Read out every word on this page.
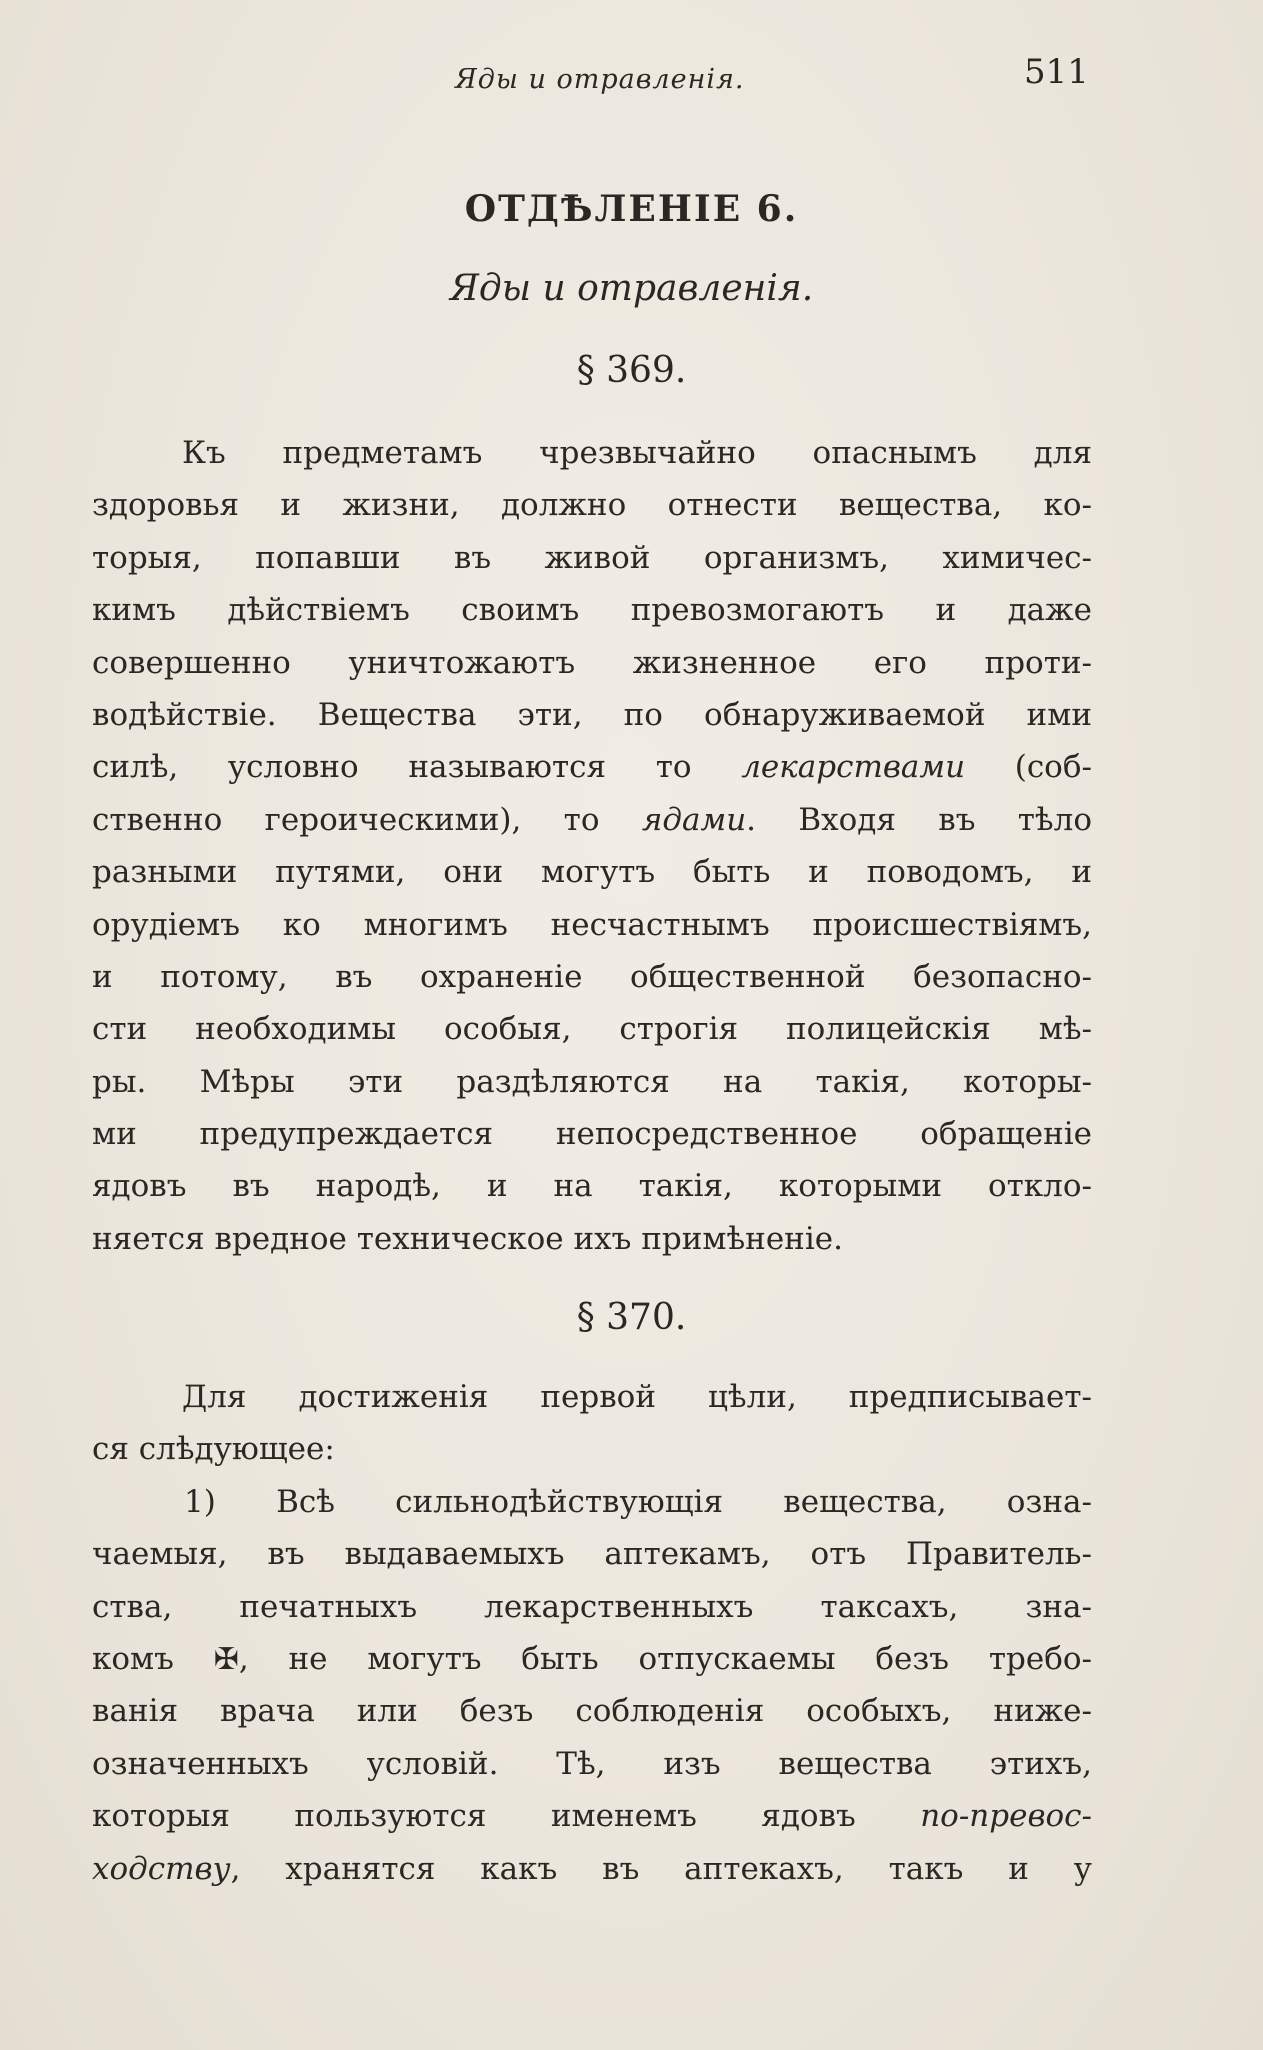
Яды и отравленія.	511
ОТДѢЛЕНІЕ 6.
Яды и отравленія.
§ 369.
Къ предметамъ чрезвычайно опаснымъ для
здоровья и жизни, должно отнести вещества, ко-
торыя, попавши въ живой организмъ, химичес-
кимъ дѣйствіемъ своимъ превозмогаютъ и даже
совершенно уничтожаютъ жизненное его проти-
водѣйствіе. Вещества эти, по обнаруживаемой ими
силѣ, условно называются то лекарствами (соб-
ственно героическими), то ядами. Входя въ тѣло
разными путями, они могутъ быть и поводомъ, и
орудіемъ ко многимъ несчастнымъ происшествіямъ,
и потому, въ охраненіе общественной безопасно-
сти необходимы особыя, строгія полицейскія мѣ-
ры. Мѣры эти раздѣляются на такія, которы-
ми предупреждается непосредственное обращеніе
ядовъ въ народѣ, и на такія, которыми откло-
няется вредное техническое ихъ примѣненіе.
§ 370.
Для достиженія первой цѣли, предписывает-
ся слѣдующее:
1) Всѣ сильнодѣйствующія вещества, озна-
чаемыя, въ выдаваемыхъ аптекамъ, отъ Правитель-
ства, печатныхъ лекарственныхъ таксахъ, зна-
комъ ✠, не могутъ быть отпускаемы безъ требо-
ванія врача или безъ соблюденія особыхъ, ниже-
означенныхъ условій. Тѣ, изъ вещества этихъ,
которыя пользуются именемъ ядовъ по-превос-
ходству, хранятся какъ въ аптекахъ, такъ и у
